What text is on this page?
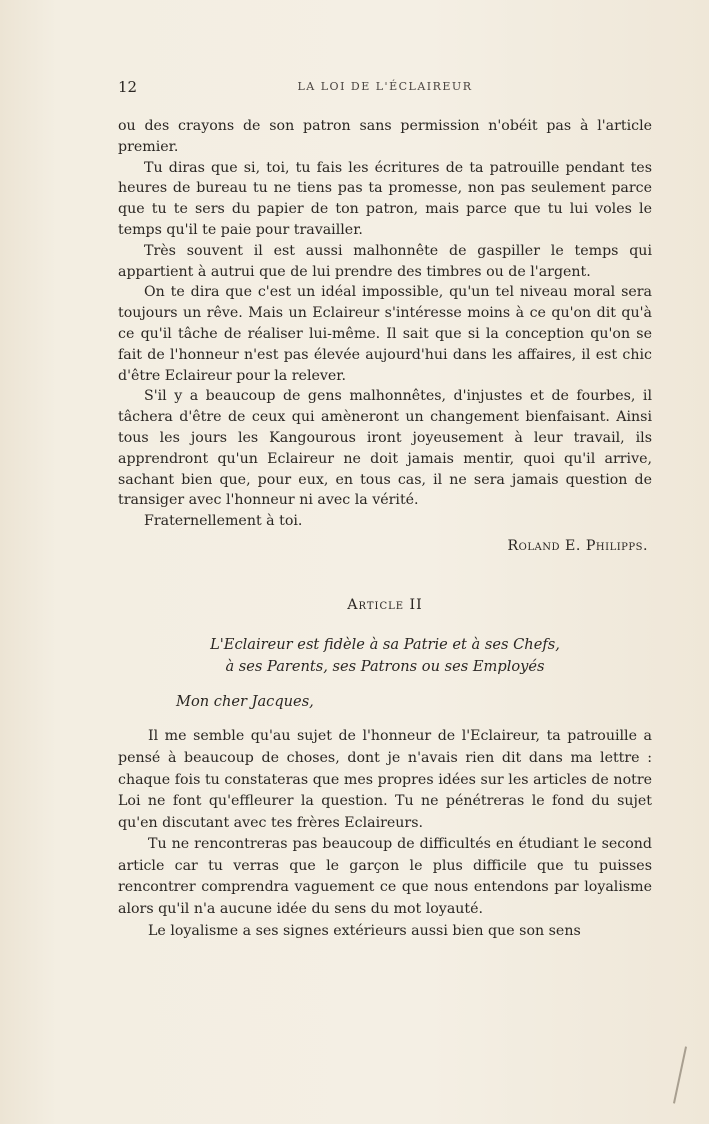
12	LA LOI DE L'ÉCLAIREUR

ou des crayons de son patron sans permission n'obéit pas à l'article premier.

Tu diras que si, toi, tu fais les écritures de ta patrouille pendant tes heures de bureau tu ne tiens pas ta promesse, non pas seulement parce que tu te sers du papier de ton patron, mais parce que tu lui voles le temps qu'il te paie pour travailler.

Très souvent il est aussi malhonnête de gaspiller le temps qui appartient à autrui que de lui prendre des timbres ou de l'argent.

On te dira que c'est un idéal impossible, qu'un tel niveau moral sera toujours un rêve. Mais un Eclaireur s'intéresse moins à ce qu'on dit qu'à ce qu'il tâche de réaliser lui-même. Il sait que si la conception qu'on se fait de l'honneur n'est pas élevée aujourd'hui dans les affaires, il est chic d'être Eclaireur pour la relever.

S'il y a beaucoup de gens malhonnêtes, d'injustes et de fourbes, il tâchera d'être de ceux qui amèneront un changement bienfaisant. Ainsi tous les jours les Kangourous iront joyeusement à leur travail, ils apprendront qu'un Eclaireur ne doit jamais mentir, quoi qu'il arrive, sachant bien que, pour eux, en tous cas, il ne sera jamais question de transiger avec l'honneur ni avec la vérité.

Fraternellement à toi.

Roland E. Philipps.

Article II

L'Eclaireur est fidèle à sa Patrie et à ses Chefs,

à ses Parents, ses Patrons ou ses Employés

Mon cher Jacques,

Il me semble qu'au sujet de l'honneur de l'Eclaireur, ta patrouille a pensé à beaucoup de choses, dont je n'avais rien dit dans ma lettre : chaque fois tu constateras que mes propres idées sur les articles de notre Loi ne font qu'effleurer la question. Tu ne pénétreras le fond du sujet qu'en discutant avec tes frères Eclaireurs.

Tu ne rencontreras pas beaucoup de difficultés en étudiant le second article car tu verras que le garçon le plus difficile que tu puisses rencontrer comprendra vaguement ce que nous entendons par loyalisme alors qu'il n'a aucune idée du sens du mot loyauté.

Le loyalisme a ses signes extérieurs aussi bien que son sens
